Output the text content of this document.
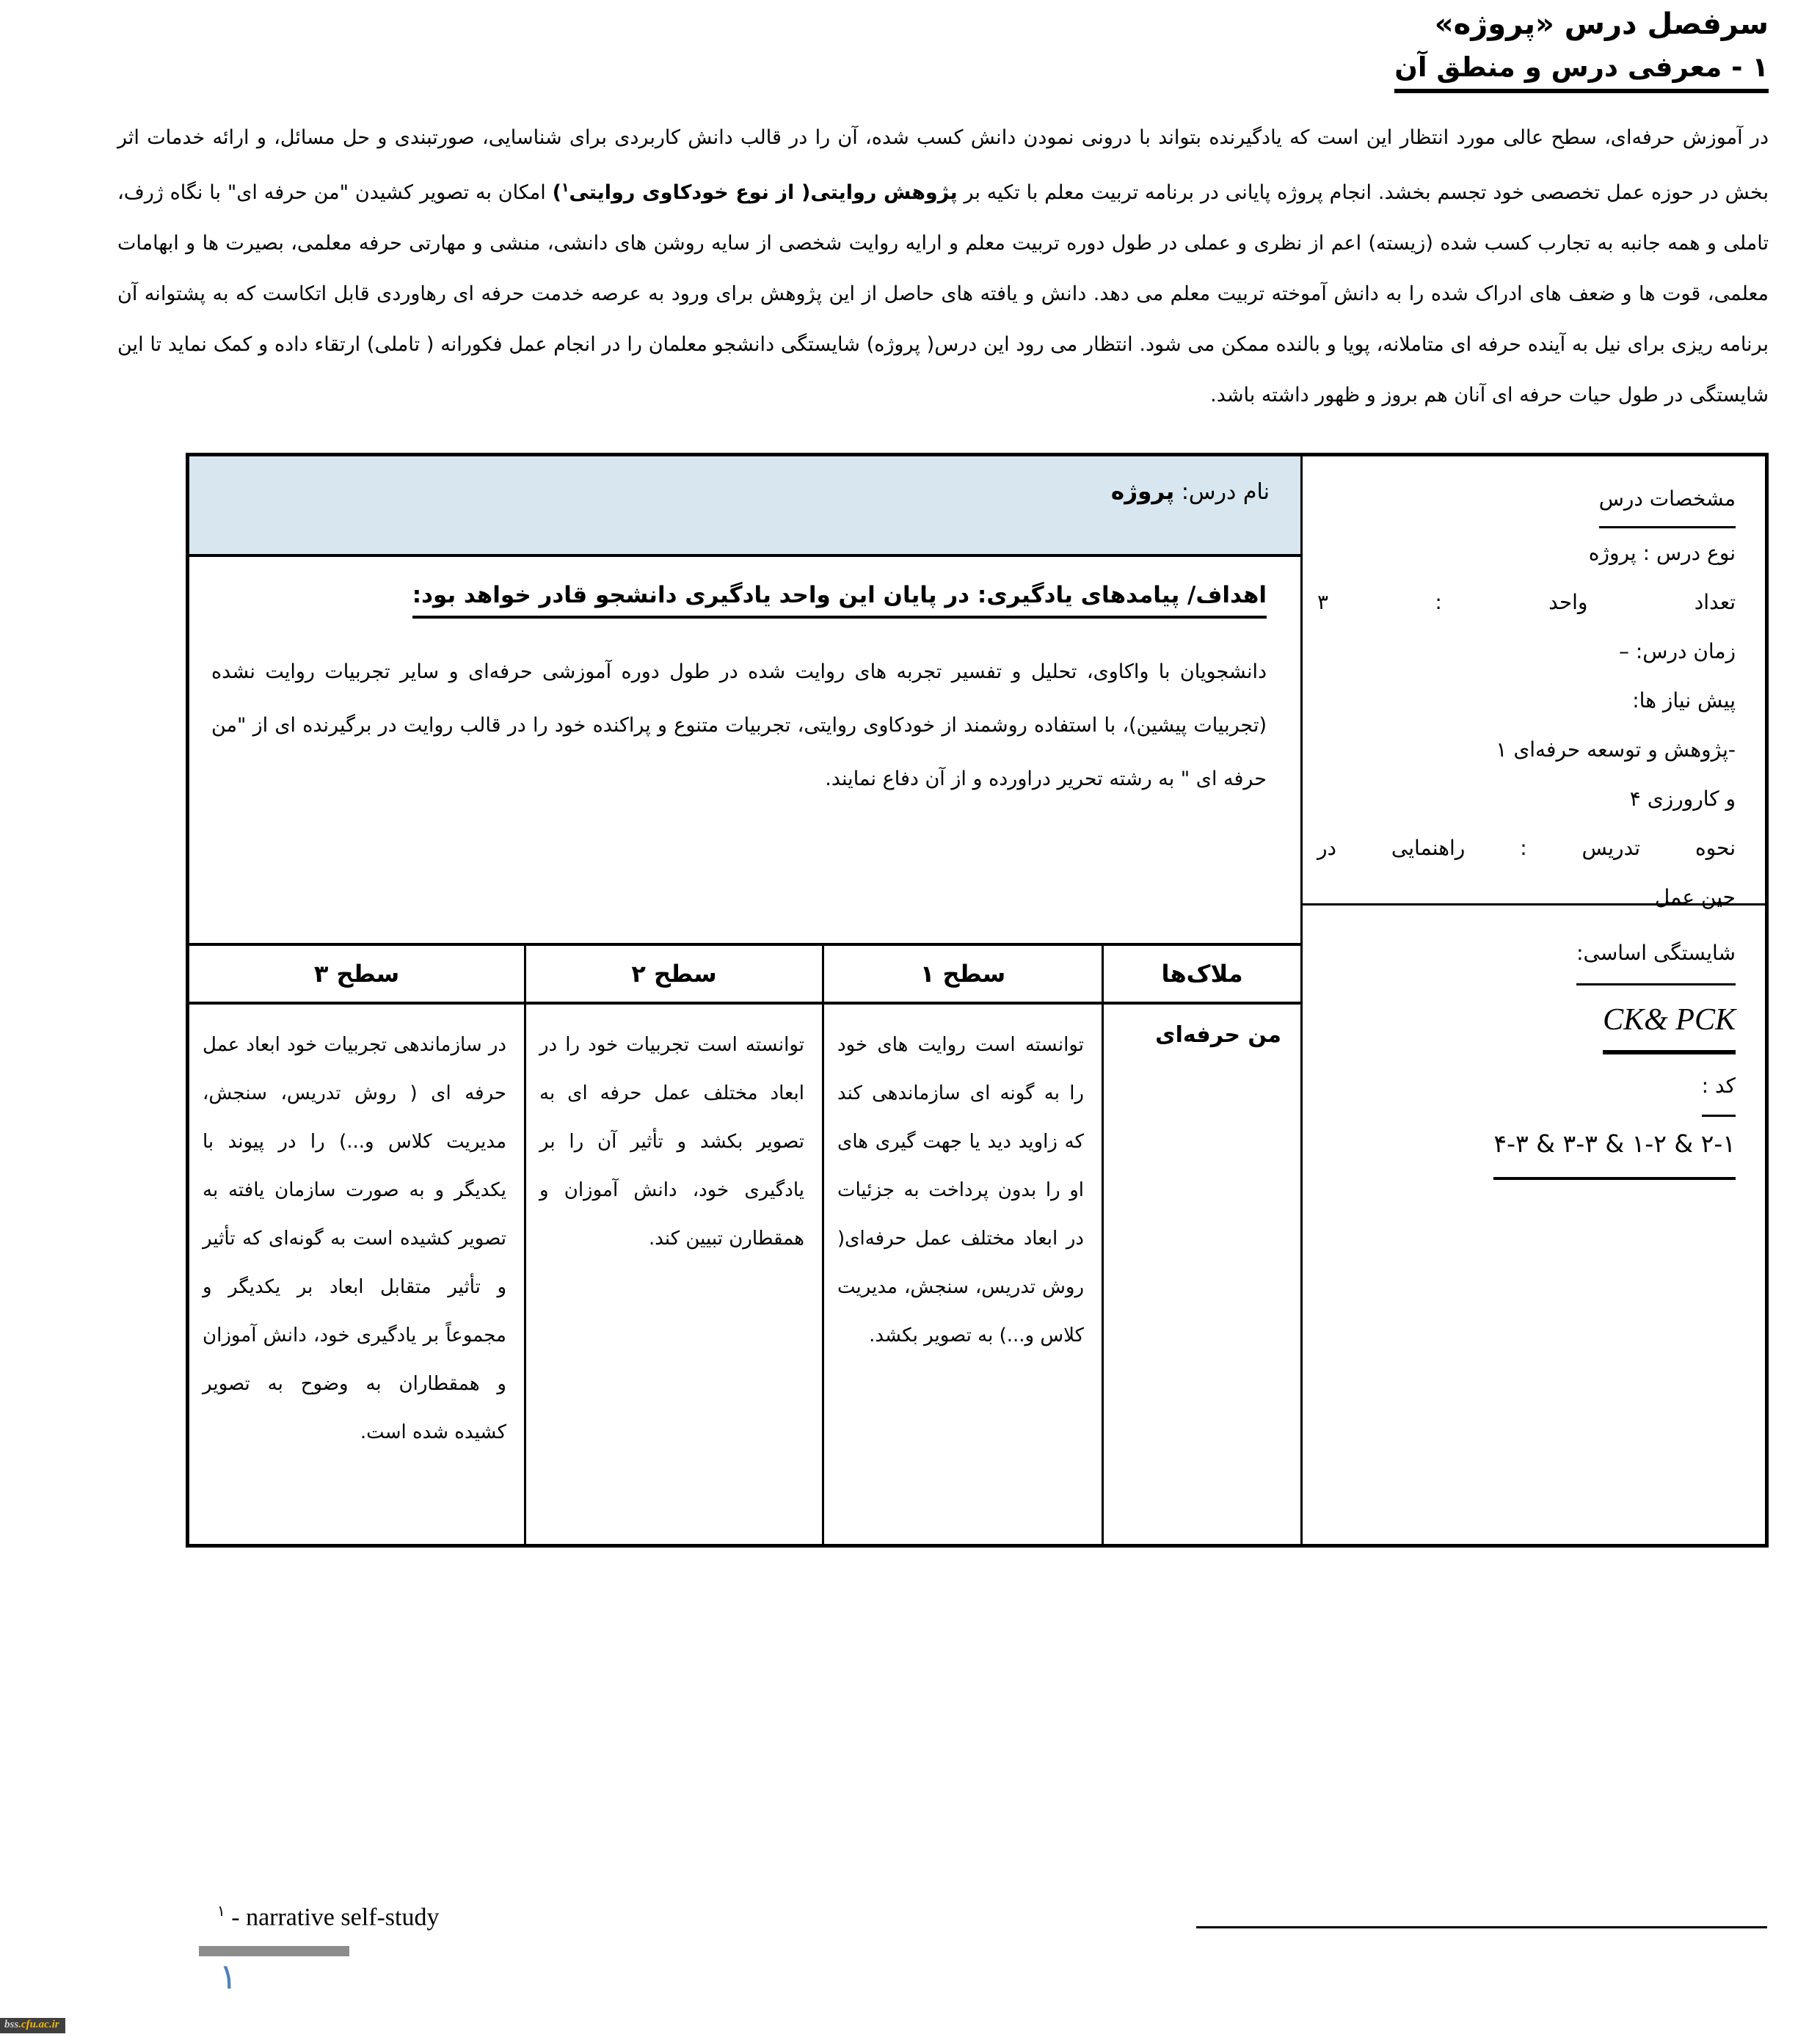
سرفصل درس «پروژه»
۱ - معرفی درس و منطق آن

در آموزش حرفه‌ای، سطح عالی مورد انتظار این است که یادگیرنده بتواند با درونی نمودن دانش کسب شده، آن را در قالب دانش کاربردی برای شناسایی، صورتبندی و حل مسائل، و ارائه خدمات اثر بخش در حوزه عمل تخصصی خود تجسم بخشد. انجام پروژه پایانی در برنامه تربیت معلم با تکیه بر پژوهش روایتی( از نوع خودکاوی روایتی$^۱$) امکان به تصویر کشیدن "من حرفه ای" با نگاه ژرف، تاملی و همه جانبه به تجارب کسب شده (زیسته) اعم از نظری و عملی در طول دوره تربیت معلم و ارایه روایت شخصی از سایه روشن های دانشی، منشی و مهارتی حرفه معلمی، بصیرت ها و ابهامات معلمی، قوت ها و ضعف های ادراک شده را به دانش آموخته تربیت معلم می دهد. دانش و یافته های حاصل از این پژوهش برای ورود به عرصه خدمت حرفه ای رهاوردی قابل اتکاست که به پشتوانه آن برنامه ریزی برای نیل به آینده حرفه ای متاملانه، پویا و بالنده ممکن می شود. انتظار می رود این درس( پروژه) شایستگی دانشجو معلمان را در انجام عمل فکورانه ( تاملی) ارتقاء داده و کمک نماید تا این شایستگی در طول حیات حرفه ای آنان هم بروز و ظهور داشته باشد.

مشخصات درس
نوع درس : پروژه
تعداد واحد : ۳
زمان درس: –
پیش نیاز ها:
-پژوهش و توسعه حرفه‌ای ۱
و کارورزی ۴
نحوه تدریس : راهنمایی در
حین عمل
شایستگی اساسی:
CK& PCK
کد :
۲-۱ & ۱-۲ & ۳-۳ & ۴-۳
نام درس: پروژه
اهداف/ پیامدهای یادگیری: در پایان این واحد یادگیری دانشجو قادر خواهد بود:

دانشجویان با واکاوی، تحلیل و تفسیر تجربه های روایت شده در طول دوره آموزشی حرفه‌ای و سایر تجربیات روایت نشده (تجربیات پیشین)، با استفاده روشمند از خودکاوی روایتی، تجربیات متنوع و پراکنده خود را در قالب روایت در برگیرنده ای از "من حرفه ای " به رشته تحریر دراورده و از آن دفاع نمایند.

ملاک‌ها
سطح ۱
سطح ۲
سطح ۳
من حرفه‌ای
توانسته است روایت های خود را به گونه ای سازماندهی کند که زاوید دید یا جهت گیری های او را بدون پرداخت به جزئیات در ابعاد مختلف عمل حرفه‌ای( روش تدریس، سنجش، مدیریت کلاس و...) به تصویر بکشد.
توانسته است تجربیات خود را در ابعاد مختلف عمل حرفه ای به تصویر بکشد و تأثیر آن را بر یادگیری خود، دانش آموزان و همقطارن تبیین کند.
در سازماندهی تجربیات خود ابعاد عمل حرفه ای ( روش تدریس، سنجش، مدیریت کلاس و...) را در پیوند با یکدیگر و به صورت سازمان یافته به تصویر کشیده است به گونه‌ای که تأثیر و تأثیر متقابل ابعاد بر یکدیگر و مجموعاً بر یادگیری خود، دانش آموزان و همقطاران به وضوح به تصویر کشیده شده است.
$^۱$ - narrative self-study
۱
bss.cfu.ac.ir
